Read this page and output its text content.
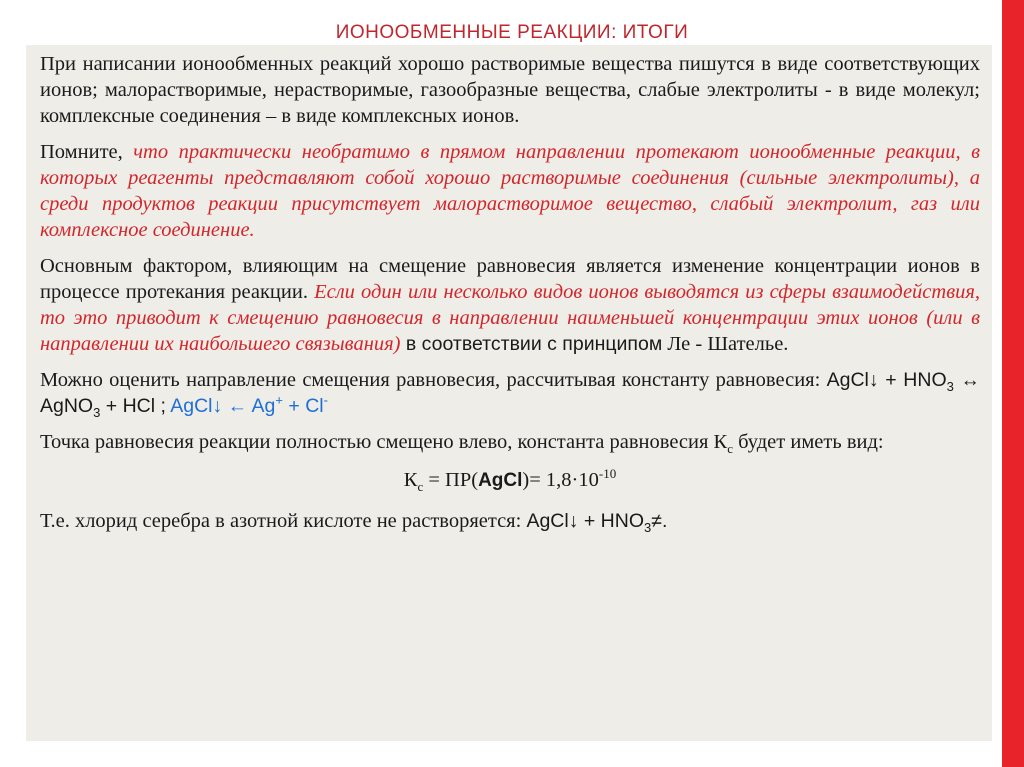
ИОНООБМЕННЫЕ РЕАКЦИИ: ИТОГИ

При написании ионообменных реакций хорошо растворимые вещества пишутся в виде соответствующих ионов; малорастворимые, нерастворимые, газообразные вещества, слабые электролиты - в виде молекул; комплексные соединения – в виде комплексных ионов.

Помните, что практически необратимо в прямом направлении протекают ионообменные реакции, в которых реагенты представляют собой хорошо растворимые соединения (сильные электролиты), а среди продуктов реакции присутствует малорастворимое вещество, слабый электролит, газ или комплексное соединение.

Основным фактором, влияющим на смещение равновесия является изменение концентрации ионов в процессе протекания реакции. Если один или несколько видов ионов выводятся из сферы взаимодействия, то это приводит к смещению равновесия в направлении наименьшей концентрации этих ионов (или в направлении их наибольшего связывания) в соответствии с принципом Ле - Шателье.

Можно оценить направление смещения равновесия, рассчитывая константу равновесия: AgCl↓ + $HNO_3$ ↔ AgNO$_3$ + HCl ; AgCl↓ ← Ag+ + Cl-

Точка равновесия реакции полностью смещено влево, константа равновесия $К_с$ будет иметь вид:

$К_с$ = ПР(AgCl)= $1,8\cdot 10^{-10}$

Т.е. хлорид серебра в азотной кислоте не растворяется: AgCl↓ + $HNO_3\ne$.
